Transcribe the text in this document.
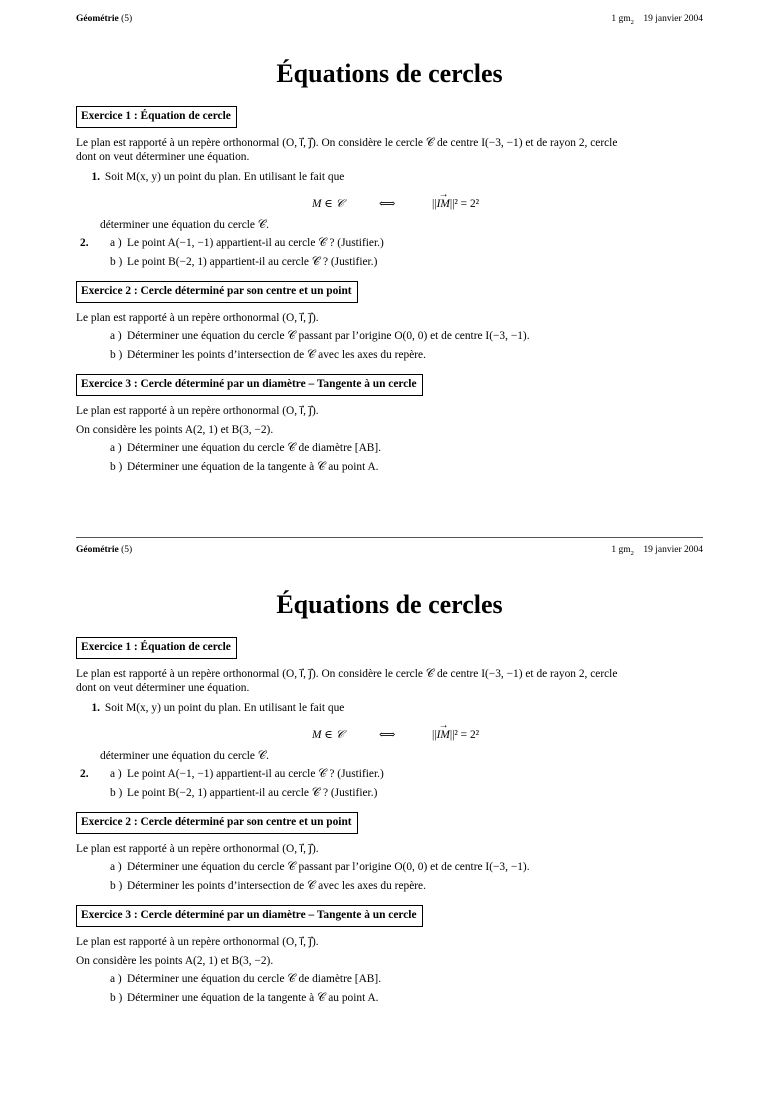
Géométrie (5)	1 $gm_2$ 19 janvier 2004
Équations de cercles
Exercice 1 : Équation de cercle

Le plan est rapporté à un repère orthonormal (O, ı⃗, ȷ⃗). On considère le cercle 𝒞 de centre I(−3, −1) et de rayon 2, cercle
dont on veut déterminer une équation.

1. Soit M(x, y) un point du plan. En utilisant le fait que

M ∈ 𝒞	⟺	||
→
IM||² = 2²

déterminer une équation du cercle 𝒞.

2. a ) Le point A(−1, −1) appartient-il au cercle 𝒞 ? (Justifier.)
b ) Le point B(−2, 1) appartient-il au cercle 𝒞 ? (Justifier.)
Exercice 2 : Cercle déterminé par son centre et un point

Le plan est rapporté à un repère orthonormal (O, ı⃗, ȷ⃗).

a ) Déterminer une équation du cercle 𝒞 passant par l’origine O(0, 0) et de centre I(−3, −1).
b ) Déterminer les points d’intersection de 𝒞 avec les axes du repère.
Exercice 3 : Cercle déterminé par un diamètre – Tangente à un cercle

Le plan est rapporté à un repère orthonormal (O, ı⃗, ȷ⃗).

On considère les points A(2, 1) et B(3, −2).

a ) Déterminer une équation du cercle 𝒞 de diamètre [AB].
b ) Déterminer une équation de la tangente à 𝒞 au point A.
Géométrie (5)	1 $gm_2$ 19 janvier 2004
Équations de cercles
Exercice 1 : Équation de cercle

Le plan est rapporté à un repère orthonormal (O, ı⃗, ȷ⃗). On considère le cercle 𝒞 de centre I(−3, −1) et de rayon 2, cercle
dont on veut déterminer une équation.

1. Soit M(x, y) un point du plan. En utilisant le fait que

M ∈ 𝒞	⟺	||
→
IM||² = 2²

déterminer une équation du cercle 𝒞.

2. a ) Le point A(−1, −1) appartient-il au cercle 𝒞 ? (Justifier.)
b ) Le point B(−2, 1) appartient-il au cercle 𝒞 ? (Justifier.)
Exercice 2 : Cercle déterminé par son centre et un point

Le plan est rapporté à un repère orthonormal (O, ı⃗, ȷ⃗).

a ) Déterminer une équation du cercle 𝒞 passant par l’origine O(0, 0) et de centre I(−3, −1).
b ) Déterminer les points d’intersection de 𝒞 avec les axes du repère.
Exercice 3 : Cercle déterminé par un diamètre – Tangente à un cercle

Le plan est rapporté à un repère orthonormal (O, ı⃗, ȷ⃗).

On considère les points A(2, 1) et B(3, −2).

a ) Déterminer une équation du cercle 𝒞 de diamètre [AB].
b ) Déterminer une équation de la tangente à 𝒞 au point A.
